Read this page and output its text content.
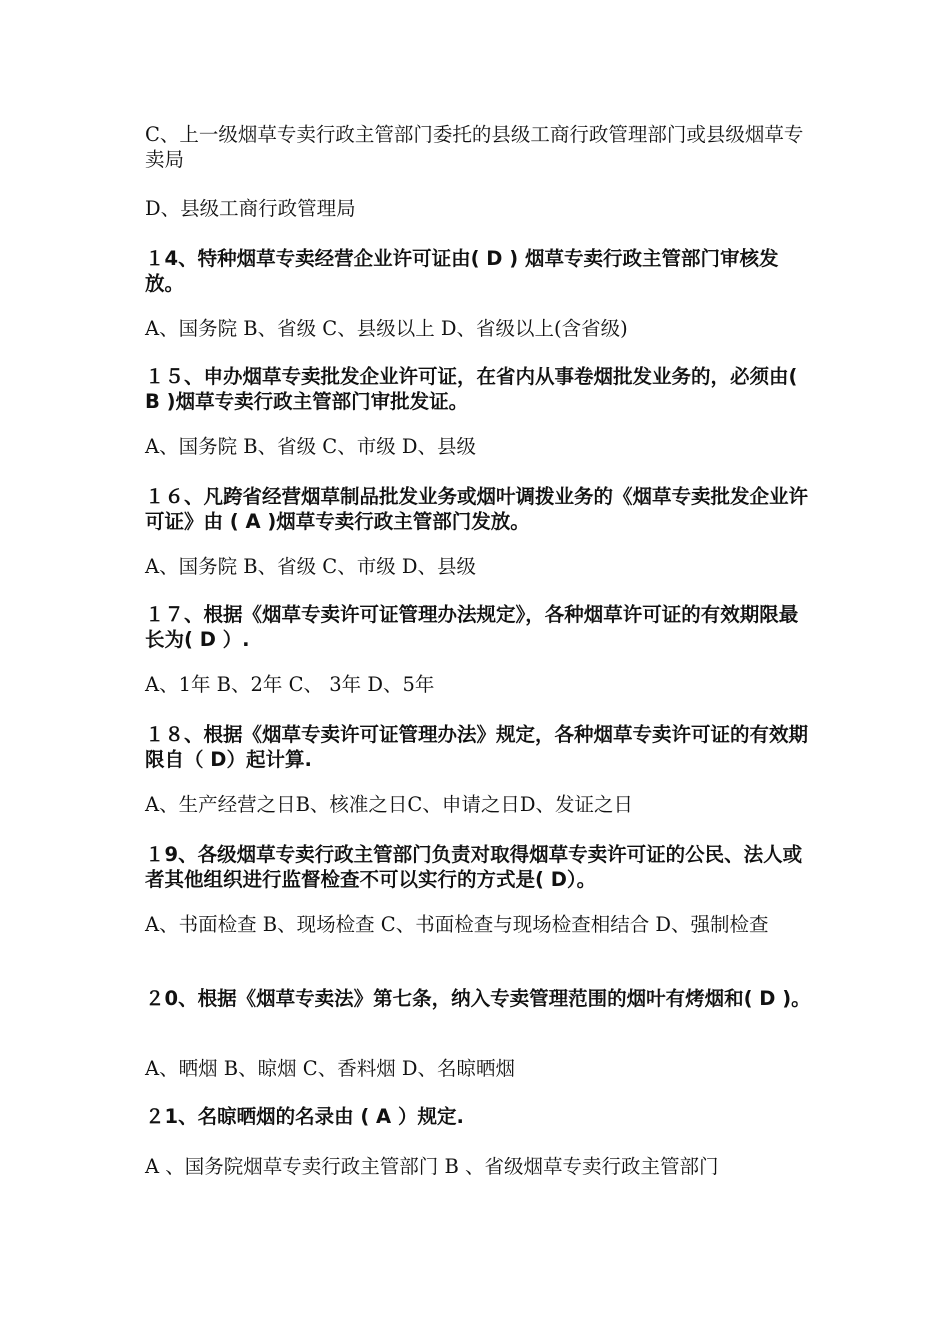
C、上一级烟草专卖行政主管部门委托的县级工商行政管理部门或县级烟草专卖局
D、县级工商行政管理局
１4、特种烟草专卖经营企业许可证由( D ) 烟草专卖行政主管部门审核发放。
A、国务院 B、省级 C、县级以上 D、省级以上(含省级)
１５、申办烟草专卖批发企业许可证，在省内从事卷烟批发业务的，必须由( B )烟草专卖行政主管部门审批发证。
A、国务院 B、省级 C、市级 D、县级
１６、凡跨省经营烟草制品批发业务或烟叶调拨业务的《烟草专卖批发企业许可证》由 ( A )烟草专卖行政主管部门发放。
A、国务院 B、省级 C、市级 D、县级
１７、根据《烟草专卖许可证管理办法规定》，各种烟草许可证的有效期限最长为( D ）.
A、1年 B、2年 C、 3年 D、5年
１８、根据《烟草专卖许可证管理办法》规定，各种烟草专卖许可证的有效期限自（ D）起计算.
A、生产经营之日B、核准之日C、申请之日D、发证之日
１9、各级烟草专卖行政主管部门负责对取得烟草专卖许可证的公民、法人或者其他组织进行监督检查不可以实行的方式是( D）。
A、书面检查 B、现场检查 C、书面检查与现场检查相结合 D、强制检查
２0、根据《烟草专卖法》第七条，纳入专卖管理范围的烟叶有烤烟和( D )。
A、晒烟 B、晾烟 C、香料烟 D、名晾晒烟
２1、名晾晒烟的名录由 ( A ）规定.
A 、国务院烟草专卖行政主管部门 B 、省级烟草专卖行政主管部门
